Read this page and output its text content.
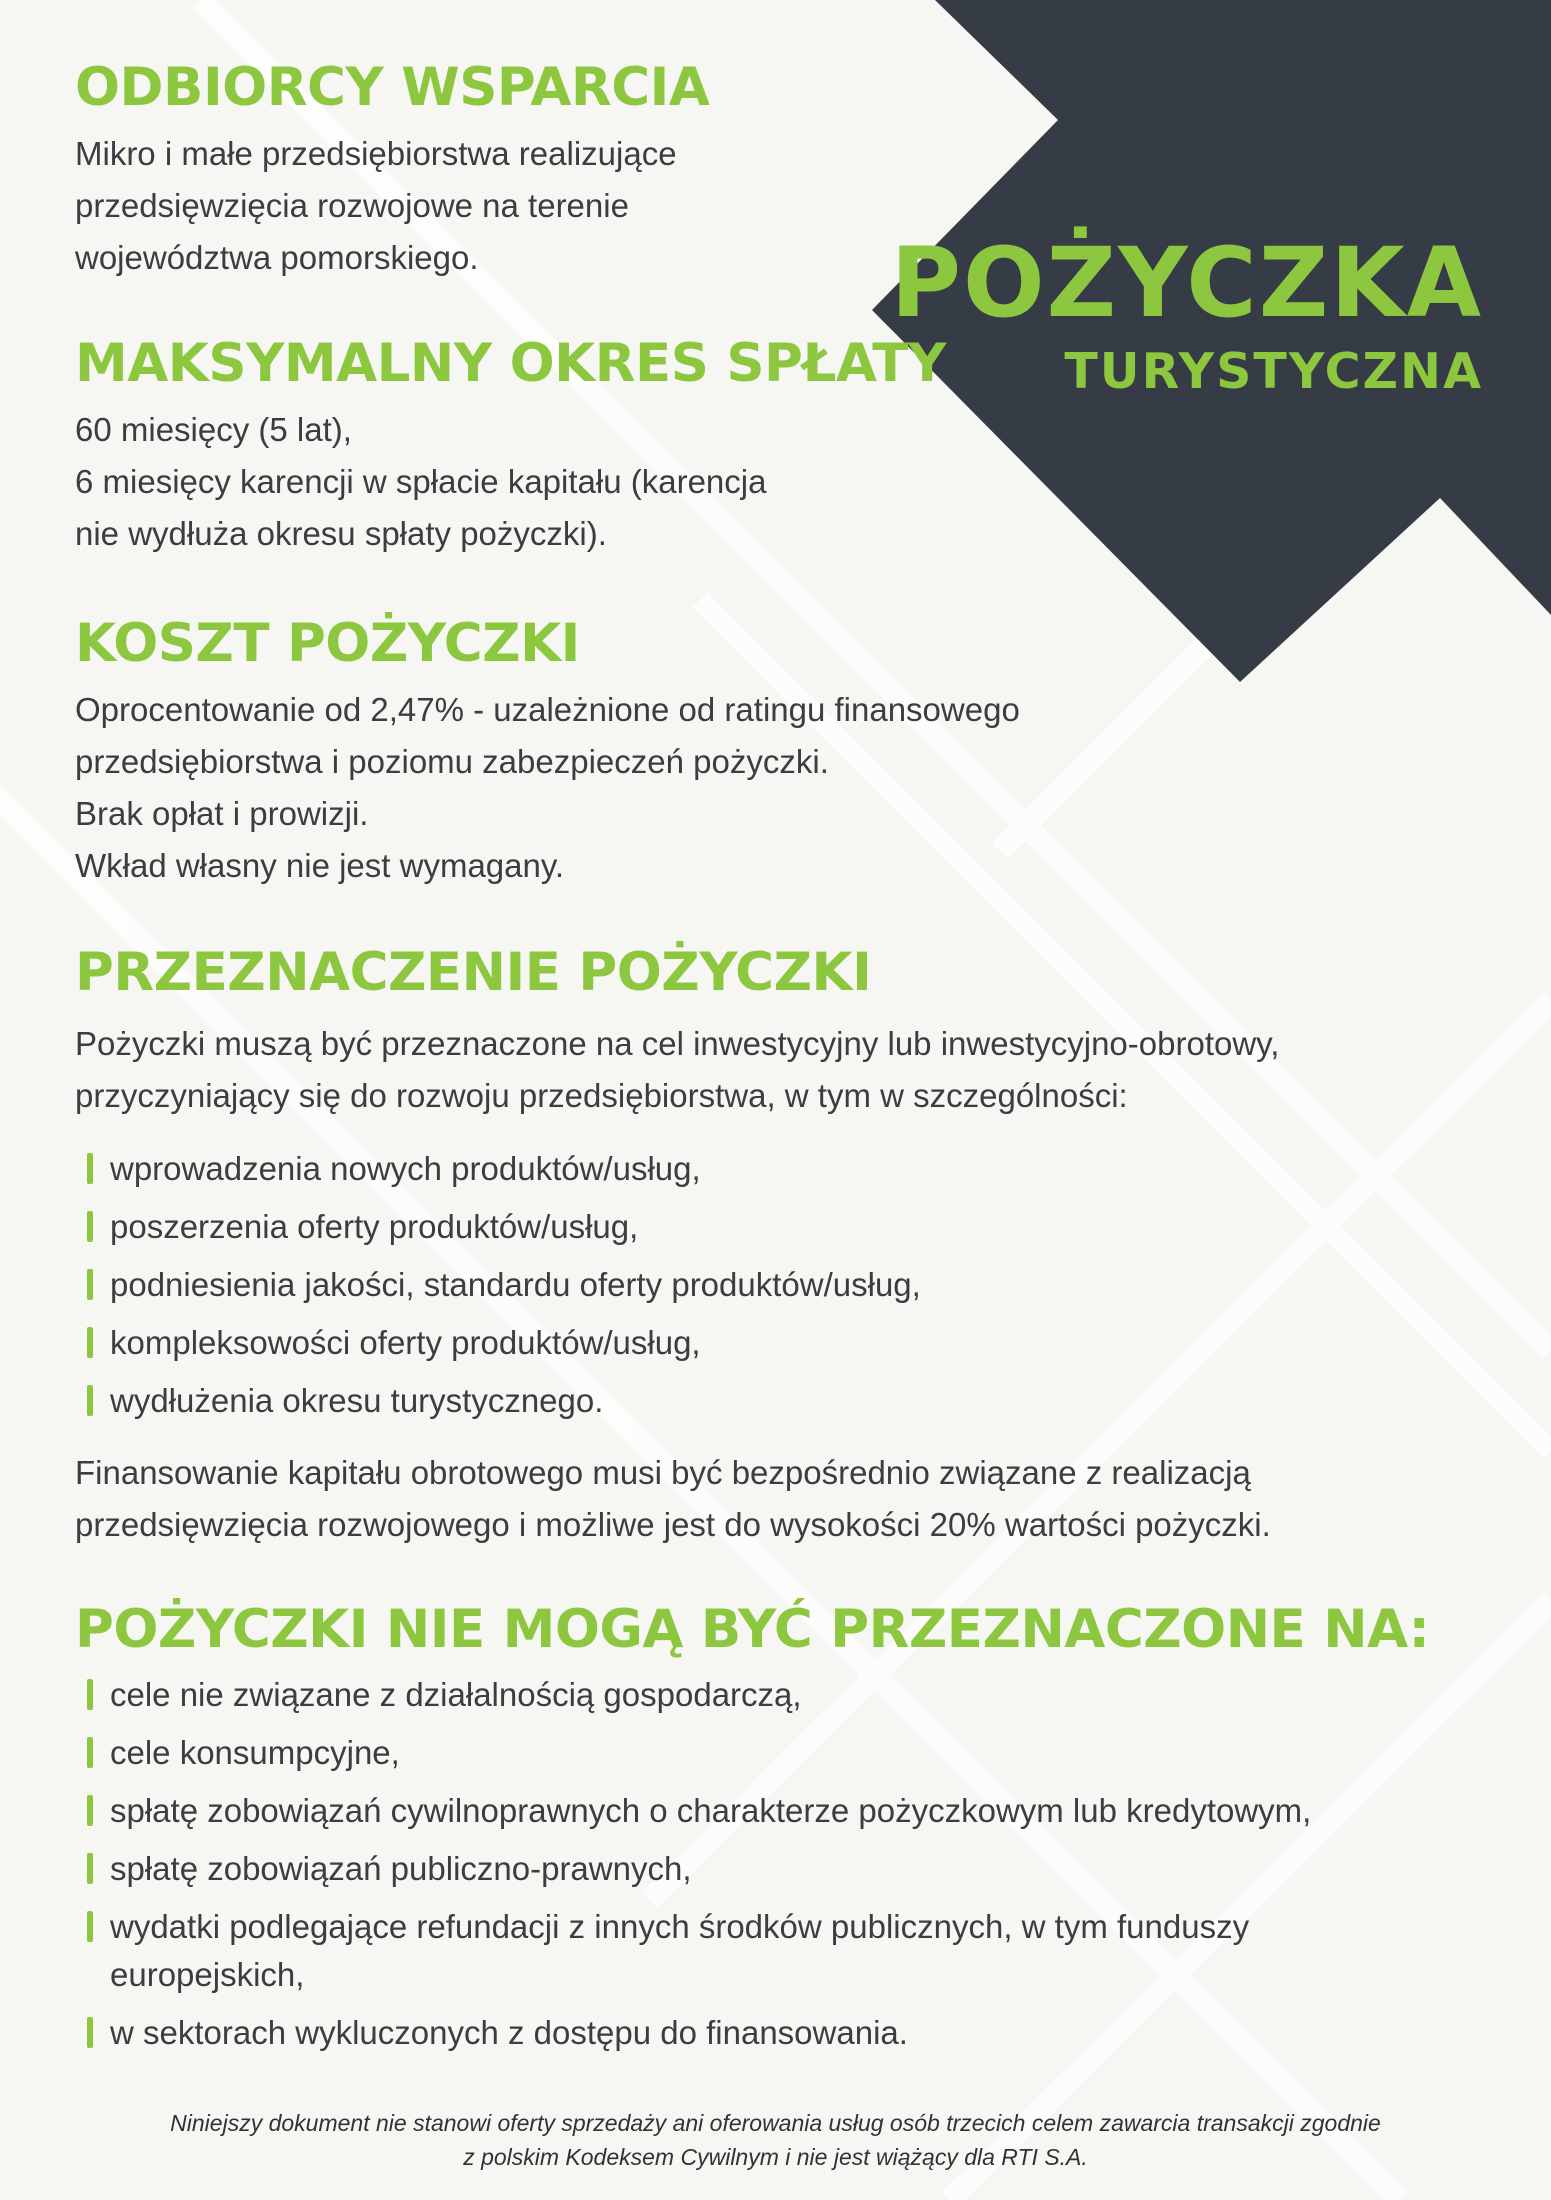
POŻYCZKA
TURYSTYCZNA
ODBIORCY WSPARCIA

Mikro i małe przedsiębiorstwa realizujące

przedsięwzięcia rozwojowe na terenie

województwa pomorskiego.

MAKSYMALNY OKRES SPŁATY

60 miesięcy (5 lat),

6 miesięcy karencji w spłacie kapitału (karencja

nie wydłuża okresu spłaty pożyczki).

KOSZT POŻYCZKI

Oprocentowanie od 2,47% - uzależnione od ratingu finansowego

przedsiębiorstwa i poziomu zabezpieczeń pożyczki.

Brak opłat i prowizji.

Wkład własny nie jest wymagany.

PRZEZNACZENIE POŻYCZKI

Pożyczki muszą być przeznaczone na cel inwestycyjny lub inwestycyjno-obrotowy,

przyczyniający się do rozwoju przedsiębiorstwa, w tym w szczególności:

wprowadzenia nowych produktów/usług,
poszerzenia oferty produktów/usług,
podniesienia jakości, standardu oferty produktów/usług,
kompleksowości oferty produktów/usług,
wydłużenia okresu turystycznego.

Finansowanie kapitału obrotowego musi być bezpośrednio związane z realizacją

przedsięwzięcia rozwojowego i możliwe jest do wysokości 20% wartości pożyczki.

POŻYCZKI NIE MOGĄ BYĆ PRZEZNACZONE NA:
cele nie związane z działalnością gospodarczą,
cele konsumpcyjne,
spłatę zobowiązań cywilnoprawnych o charakterze pożyczkowym lub kredytowym,
spłatę zobowiązań publiczno-prawnych,
wydatki podlegające refundacji z innych środków publicznych, w tym funduszy europejskich,
w sektorach wykluczonych z dostępu do finansowania.
Niniejszy dokument nie stanowi oferty sprzedaży ani oferowania usług osób trzecich celem zawarcia transakcji zgodnie
z polskim Kodeksem Cywilnym i nie jest wiążący dla RTI S.A.
